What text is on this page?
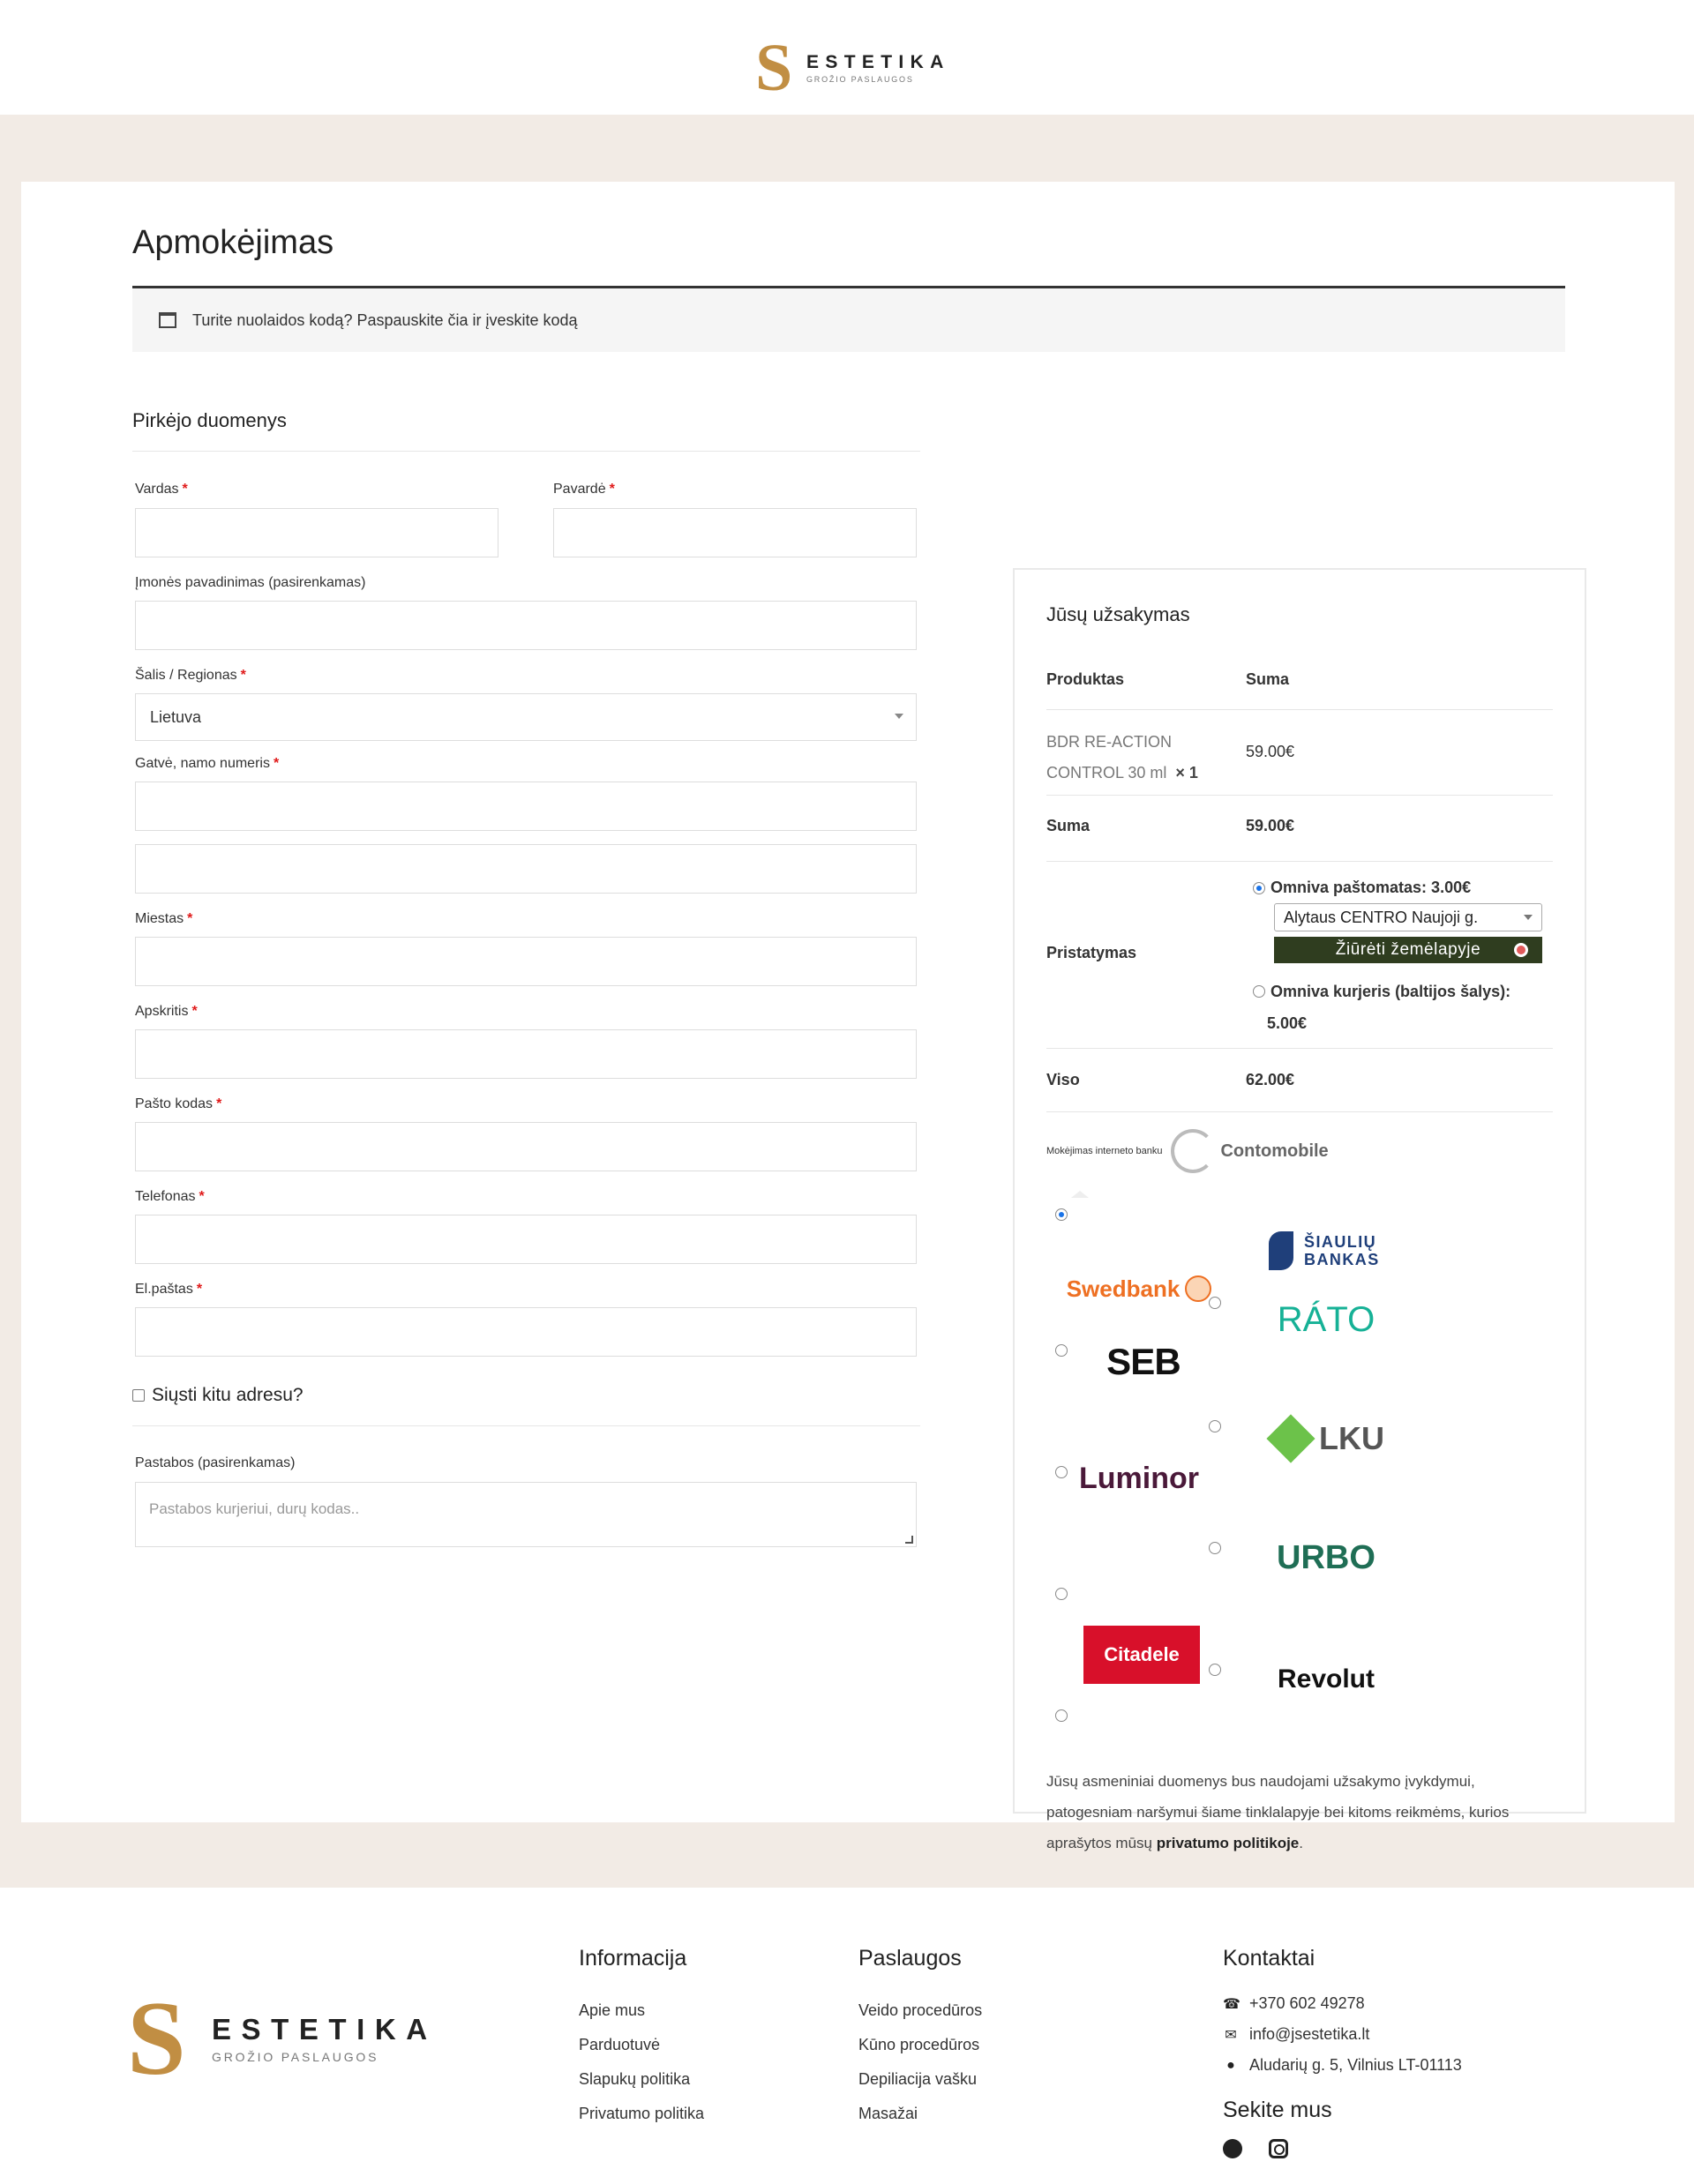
S ESTETIKA
GROŽIO PASLAUGOS
Apmokėjimas
Turite nuolaidos kodą? Paspauskite čia ir įveskite kodą
Pirkėjo duomenys
Vardas *	Pavardė *
Įmonės pavadinimas (pasirenkamas)
Šalis / Regionas *
Lietuva
Gatvė, namo numeris *
Miestas *
Apskritis *
Pašto kodas *
Telefonas *
El.paštas *
Siųsti kitu adresu?
Pastabos (pasirenkamas)
Pastabos kurjeriui, durų kodas..
Jūsų užsakymas
Produktas	Suma
BDR RE-ACTION
CONTROL 30 ml × 1
59.00€
Suma	59.00€
Pristatymas
Omniva paštomatas: 3.00€
Alytaus CENTRO Naujoji g.
Žiūrėti žemėlapyje
Omniva kurjeris (baltijos šalys):
5.00€
Viso	62.00€
Mokėjimas interneto banku	Contomobile
Swedbank
ŠIAULIŲ BANKAS
SEB
RÁTO
Luminor
LKU
Citadele
URBO
Revolut

Jūsų asmeniniai duomenys bus naudojami užsakymo įvykdymui, patogesniam naršymui šiame tinklalapyje bei kitoms reikmėms, kurios aprašytos mūsų privatumo politikoje.

S ESTETIKA
GROŽIO PASLAUGOS
Informacija
Apie mus
Parduotuvė
Slapukų politika
Privatumo politika
Paslaugos
Veido procedūros
Kūno procedūros
Depiliacija vašku
Masažai
Kontaktai
☎ +370 602 49278
✉ info@jsestetika.lt
● Aludarių g. 5, Vilnius LT-01113
Sekite mus
